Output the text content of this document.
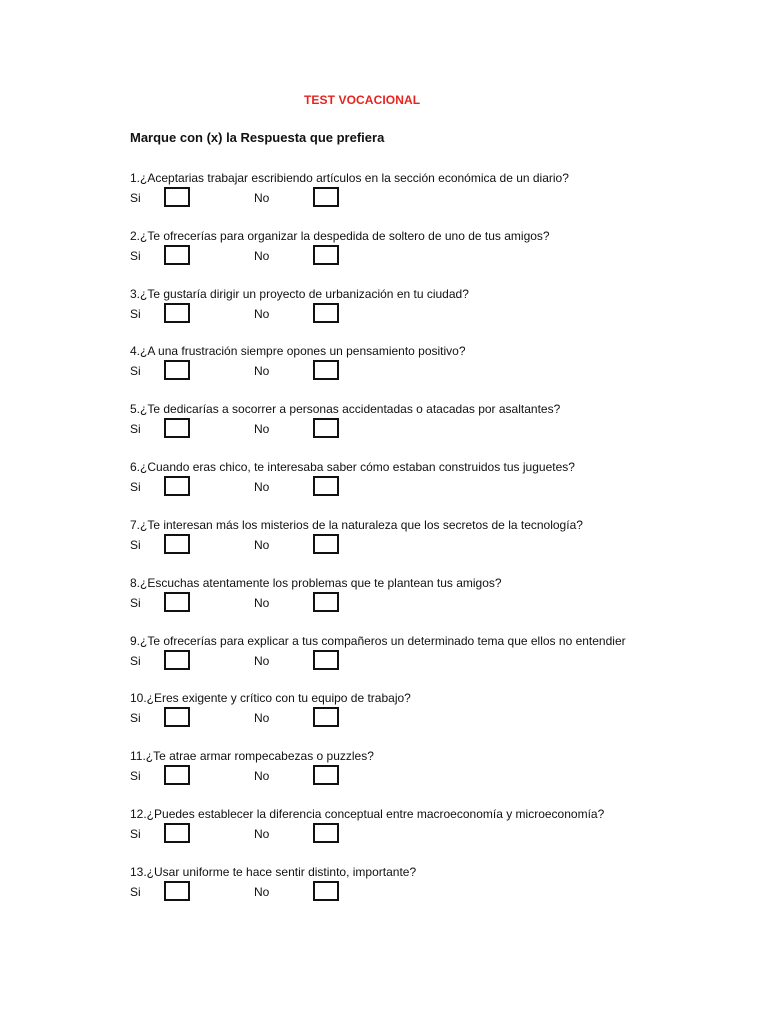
TEST VOCACIONAL
Marque con (x) la Respuesta que prefiera
1.¿Aceptarias trabajar escribiendo artículos en la sección económica de un diario?
Si	No
2.¿Te ofrecerías para organizar la despedida de soltero de uno de tus amigos?
Si	No
3.¿Te gustaría dirigir un proyecto de urbanización en tu ciudad?
Si	No
4.¿A una frustración siempre opones un pensamiento positivo?
Si	No
5.¿Te dedicarías a socorrer a personas accidentadas o atacadas por asaltantes?
Si	No
6.¿Cuando eras chico, te interesaba saber cómo estaban construidos tus juguetes?
Si	No
7.¿Te interesan más los misterios de la naturaleza que los secretos de la tecnología?
Si	No
8.¿Escuchas atentamente los problemas que te plantean tus amigos?
Si	No
9.¿Te ofrecerías para explicar a tus compañeros un determinado tema que ellos no entendier
Si	No
10.¿Eres exigente y crítico con tu equipo de trabajo?
Si	No
11.¿Te atrae armar rompecabezas o puzzles?
Si	No
12.¿Puedes establecer la diferencia conceptual entre macroeconomía y microeconomía?
Si	No
13.¿Usar uniforme te hace sentir distinto, importante?
Si	No
